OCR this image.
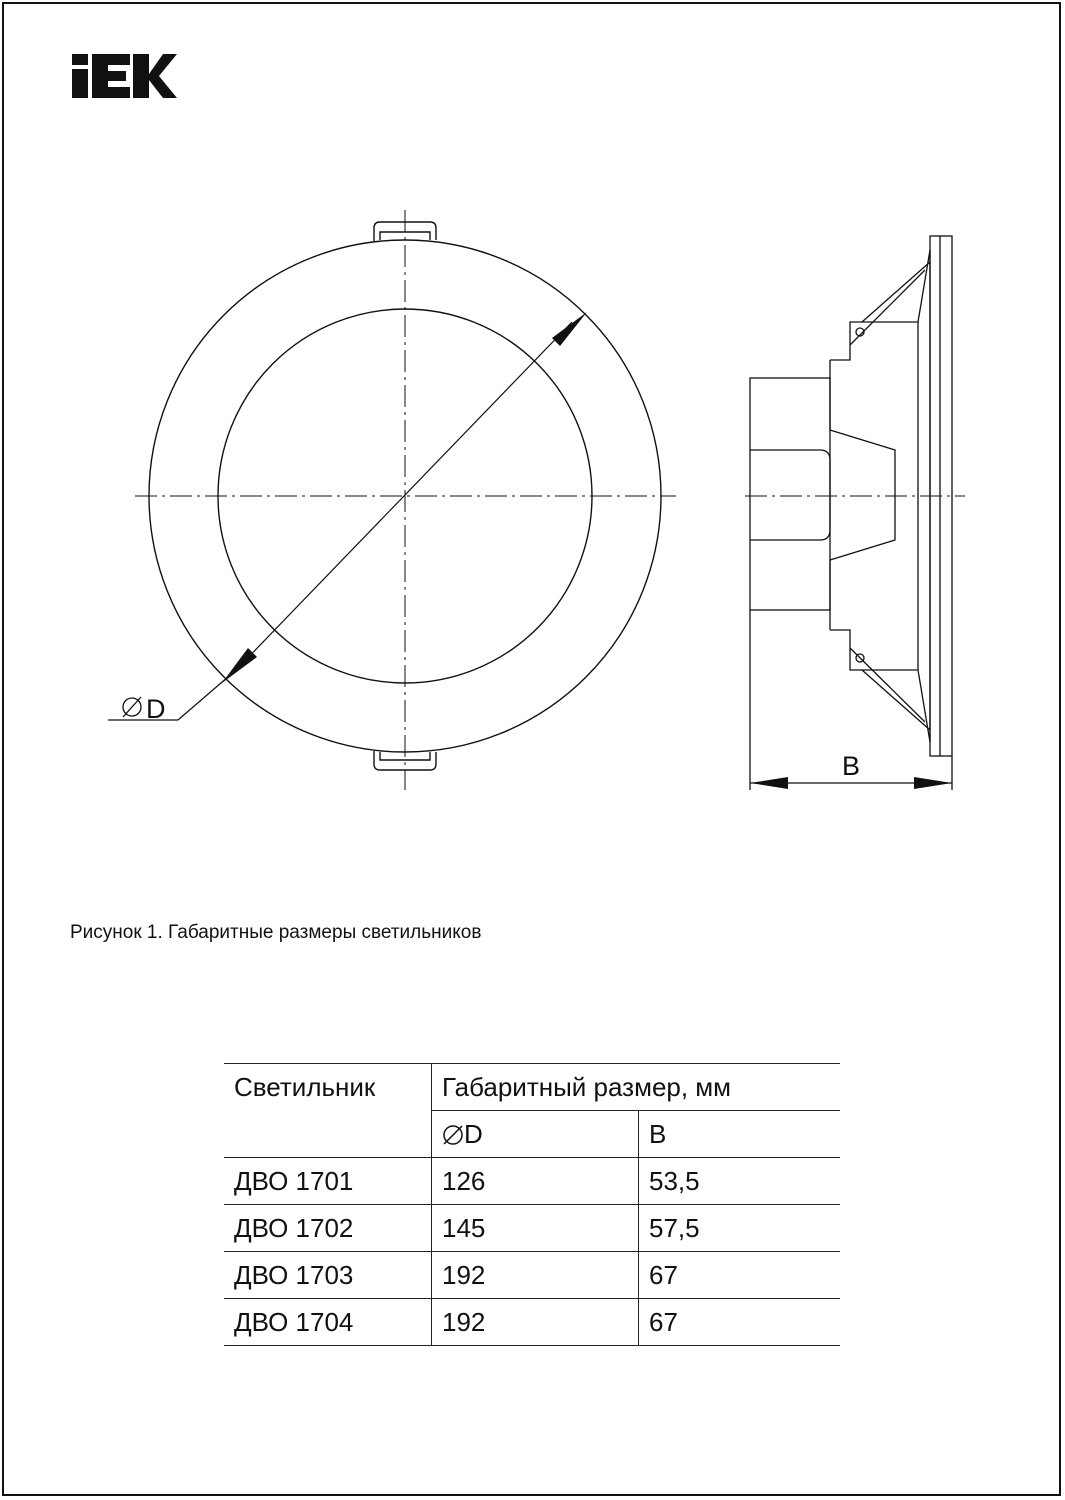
D
B
Рисунок 1. Габаритные размеры светильников
Светильник	Габаритный размер, мм	
	D	B
ДВО 1701	126	53,5
ДВО 1702	145	57,5
ДВО 1703	192	67
ДВО 1704	192	67
